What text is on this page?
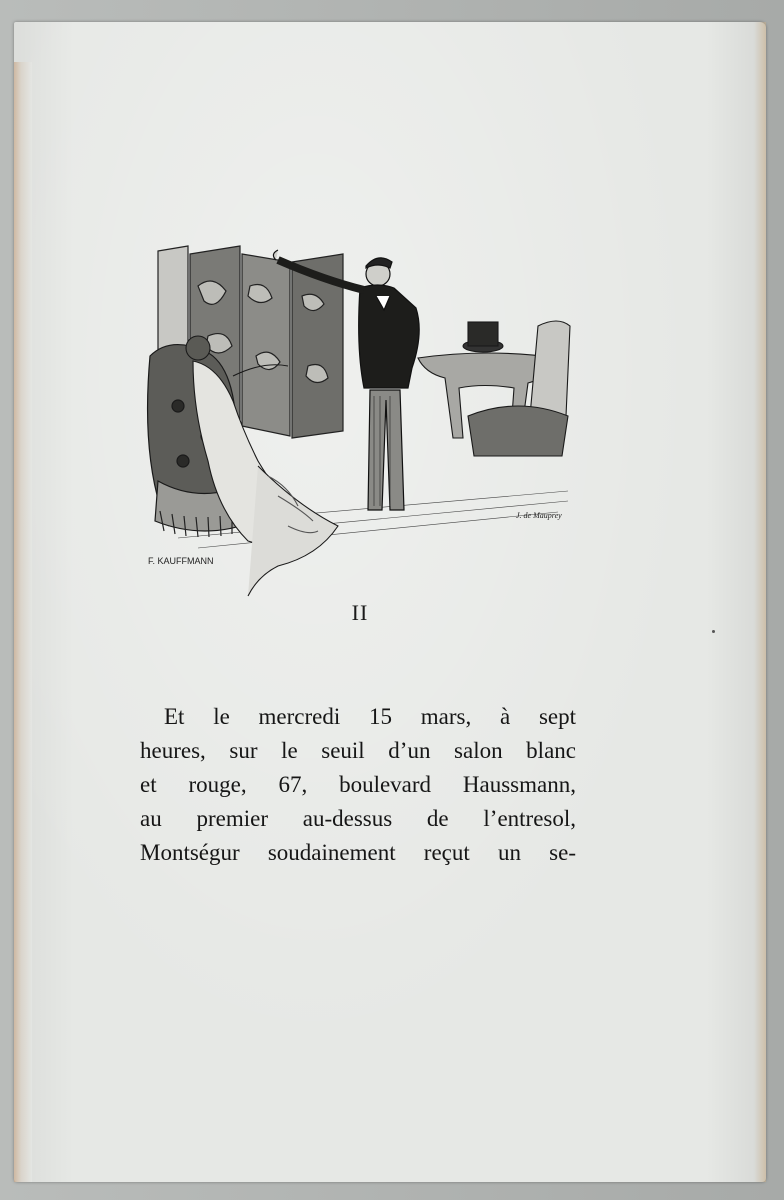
F. KAUFFMANN
J. de Mauprey
II
Et le mercredi 15 mars, à sept
heures, sur le seuil d’un salon blanc
et rouge, 67, boulevard Haussmann,
au premier au-dessus de l’entresol,
Montségur soudainement reçut un se-
